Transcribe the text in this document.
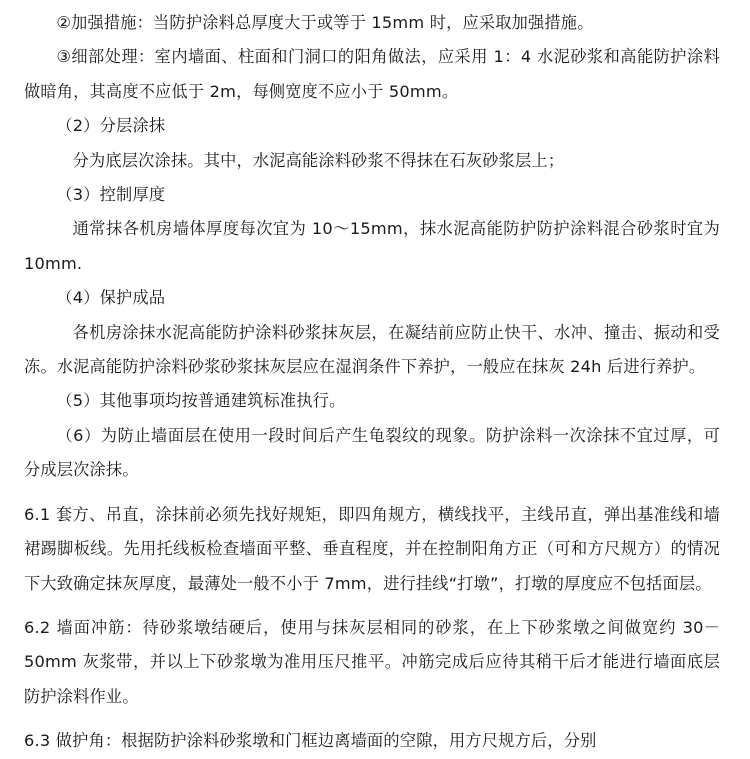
②加强措施：当防护涂料总厚度大于或等于 15mm 时，应采取加强措施。

③细部处理：室内墙面、柱面和门洞口的阳角做法，应采用 1：4 水泥砂浆和高能防护涂料做暗角，其高度不应低于 2m，每侧宽度不应小于 50mm。

（2）分层涂抹

分为底层次涂抹。其中，水泥高能涂料砂浆不得抹在石灰砂浆层上；

（3）控制厚度

通常抹各机房墙体厚度每次宜为 10～15mm，抹水泥高能防护防护涂料混合砂浆时宜为 10mm.

（4）保护成品

各机房涂抹水泥高能防护涂料砂浆抹灰层，在凝结前应防止快干、水冲、撞击、振动和受冻。水泥高能防护涂料砂浆砂浆抹灰层应在湿润条件下养护，一般应在抹灰 24h 后进行养护。

（5）其他事项均按普通建筑标准执行。

（6）为防止墙面层在使用一段时间后产生龟裂纹的现象。防护涂料一次涂抹不宜过厚，可分成层次涂抹。

6.1 套方、吊直，涂抹前必须先找好规矩，即四角规方，横线找平，主线吊直，弹出基准线和墙裙踢脚板线。先用托线板检查墙面平整、垂直程度，并在控制阳角方正（可和方尺规方）的情况下大致确定抹灰厚度，最薄处一般不小于 7mm，进行挂线“打墩”，打墩的厚度应不包括面层。

6.2 墙面冲筋：待砂浆墩结硬后，使用与抹灰层相同的砂浆，在上下砂浆墩之间做宽约 30－50mm 灰浆带，并以上下砂浆墩为准用压尺推平。冲筋完成后应待其稍干后才能进行墙面底层防护涂料作业。

6.3 做护角：根据防护涂料砂浆墩和门框边离墙面的空隙，用方尺规方后，分别
